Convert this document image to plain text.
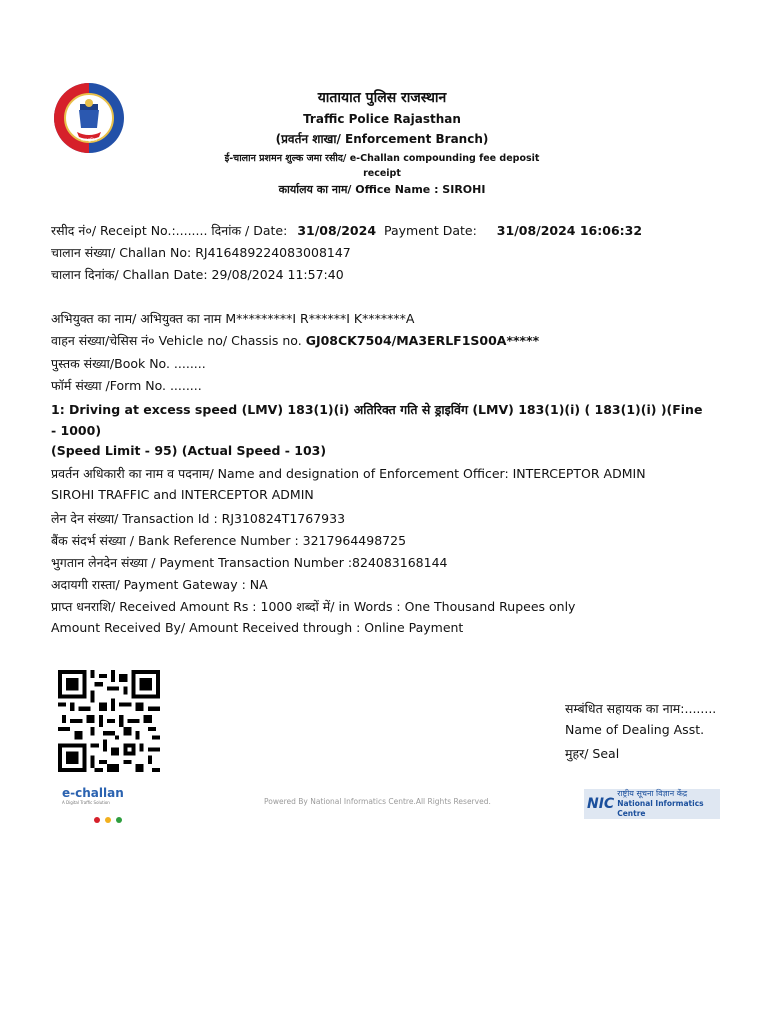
राज पुलिस
यातायात पुलिस राजस्थान
Traffic Police Rajasthan
(प्रवर्तन शाखा/ Enforcement Branch)
ई-चालान प्रशमन शुल्क जमा रसीद/ e-Challan compounding fee deposit
receipt
कार्यालय का नाम/ Office Name : SIROHI
रसीद नं०/ Receipt No.:........ दिनांक / Date: 31/08/2024 Payment Date: 31/08/2024 16:06:32
चालान संख्या/ Challan No: RJ416489224083008147
चालान दिनांक/ Challan Date: 29/08/2024 11:57:40
अभियुक्त का नाम/ अभियुक्त का नाम M*********I R******I K*******A
वाहन संख्या/चेसिस नं० Vehicle no/ Chassis no. GJ08CK7504/MA3ERLF1S00A*****
पुस्तक संख्या/Book No. ........
फॉर्म संख्या /Form No. ........
1: Driving at excess speed (LMV) 183(1)(i) अतिरिक्त गति से ड्राइविंग (LMV) 183(1)(i) ( 183(1)(i) )(Fine - 1000)
(Speed Limit - 95) (Actual Speed - 103)
प्रवर्तन अधिकारी का नाम व पदनाम/ Name and designation of Enforcement Officer: INTERCEPTOR ADMIN
SIROHI TRAFFIC and INTERCEPTOR ADMIN
लेन देन संख्या/ Transaction Id : RJ310824T1767933
बैंक संदर्भ संख्या / Bank Reference Number : 3217964498725
भुगतान लेनदेन संख्या / Payment Transaction Number :824083168144
अदायगी रास्ता/ Payment Gateway : NA
प्राप्त धनराशि/ Received Amount Rs : 1000 शब्दों में/ in Words : One Thousand Rupees only
Amount Received By/ Amount Received through : Online Payment
सम्बंधित सहायक का नाम:........
Name of Dealing Asst.
मुहर/ Seal
e-challan
A Digital Traffic Solution
	Powered By National Informatics Centre.All Rights Reserved.	NIC
राष्ट्रीय सूचना विज्ञान केंद्र
National Informatics Centre
